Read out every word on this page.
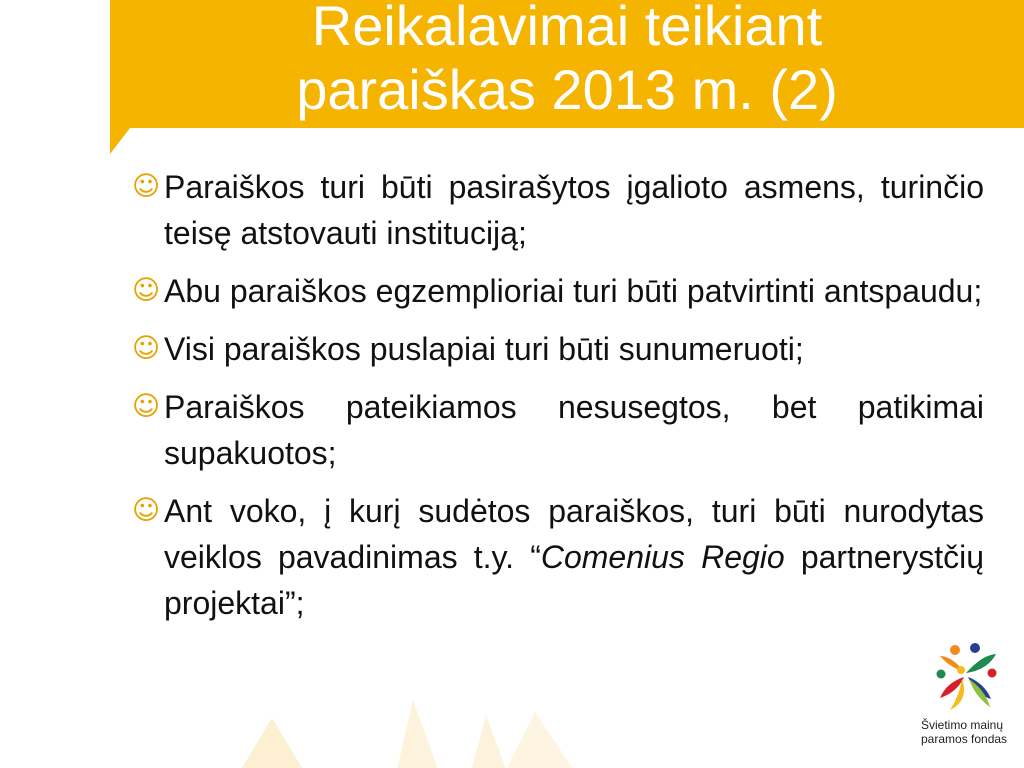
Reikalavimai teikiant
paraiškas 2013 m. (2)
☺ Paraiškos turi būti pasirašytos įgalioto asmens, turinčio teisę atstovauti instituciją;
☺ Abu paraiškos egzemplioriai turi būti patvirtinti antspaudu;
☺ Visi paraiškos puslapiai turi būti sunumeruoti;
☺ Paraiškos pateikiamos nesusegtos, bet patikimai supakuotos;
☺ Ant voko, į kurį sudėtos paraiškos, turi būti nurodytas veiklos pavadinimas t.y. “Comenius Regio partnerystčių projektai”;
Švietimo mainų
paramos fondas
